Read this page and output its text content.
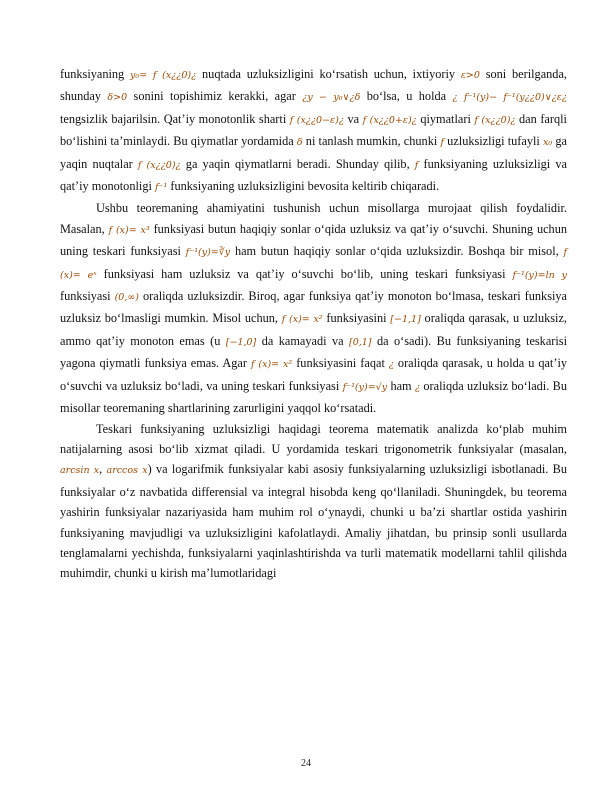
funksiyaning y₀= f (x¿¿0)¿ nuqtada uzluksizligini ko‘rsatish uchun, ixtiyoriy ε>0 soni berilganda, shunday δ>0 sonini topishimiz kerakki, agar ¿y − y₀∨¿δ bo‘lsa, u holda ¿ f⁻¹(y)− f⁻¹(y¿¿0)∨¿ε¿ tengsizlik bajarilsin. Qat’iy monotonlik sharti f (x¿¿0−ε)¿ va f (x¿¿0+ε)¿ qiymatlari f (x¿¿0)¿ dan farqli bo‘lishini ta’minlaydi. Bu qiymatlar yordamida δ ni tanlash mumkin, chunki f uzluksizligi tufayli x₀ ga yaqin nuqtalar f (x¿¿0)¿ ga yaqin qiymatlarni beradi. Shunday qilib, f funksiyaning uzluksizligi va qat’iy monotonligi f⁻¹ funksiyaning uzluksizligini bevosita keltirib chiqaradi.

Ushbu teoremaning ahamiyatini tushunish uchun misollarga murojaat qilish foydalidir. Masalan, f (x)= x³ funksiyasi butun haqiqiy sonlar o‘qida uzluksiz va qat’iy o‘suvchi. Shuning uchun uning teskari funksiyasi f⁻¹(y)=∛y ham butun haqiqiy sonlar o‘qida uzluksizdir. Boshqa bir misol, f (x)= eˣ funksiyasi ham uzluksiz va qat’iy o‘suvchi bo‘lib, uning teskari funksiyasi f⁻¹(y)=ln y funksiyasi (0,∞) oraliqda uzluksizdir. Biroq, agar funksiya qat’iy monoton bo‘lmasa, teskari funksiya uzluksiz bo‘lmasligi mumkin. Misol uchun, f (x)= x² funksiyasini [−1,1] oraliqda qarasak, u uzluksiz, ammo qat’iy monoton emas (u [−1,0] da kamayadi va [0,1] da o‘sadi). Bu funksiyaning teskarisi yagona qiymatli funksiya emas. Agar f (x)= x² funksiyasini faqat ¿ oraliqda qarasak, u holda u qat’iy o‘suvchi va uzluksiz bo‘ladi, va uning teskari funksiyasi f⁻¹(y)=√y ham ¿ oraliqda uzluksiz bo‘ladi. Bu misollar teoremaning shartlarining zarurligini yaqqol ko‘rsatadi.

Teskari funksiyaning uzluksizligi haqidagi teorema matematik analizda ko‘plab muhim natijalarning asosi bo‘lib xizmat qiladi. U yordamida teskari trigonometrik funksiyalar (masalan, arcsin x, arccos x) va logarifmik funksiyalar kabi asosiy funksiyalarning uzluksizligi isbotlanadi. Bu funksiyalar o‘z navbatida differensial va integral hisobda keng qo‘llaniladi. Shuningdek, bu teorema yashirin funksiyalar nazariyasida ham muhim rol o‘ynaydi, chunki u ba’zi shartlar ostida yashirin funksiyaning mavjudligi va uzluksizligini kafolatlaydi. Amaliy jihatdan, bu prinsip sonli usullarda tenglamalarni yechishda, funksiyalarni yaqinlashtirishda va turli matematik modellarni tahlil qilishda muhimdir, chunki u kirish ma’lumotlaridagi

24
